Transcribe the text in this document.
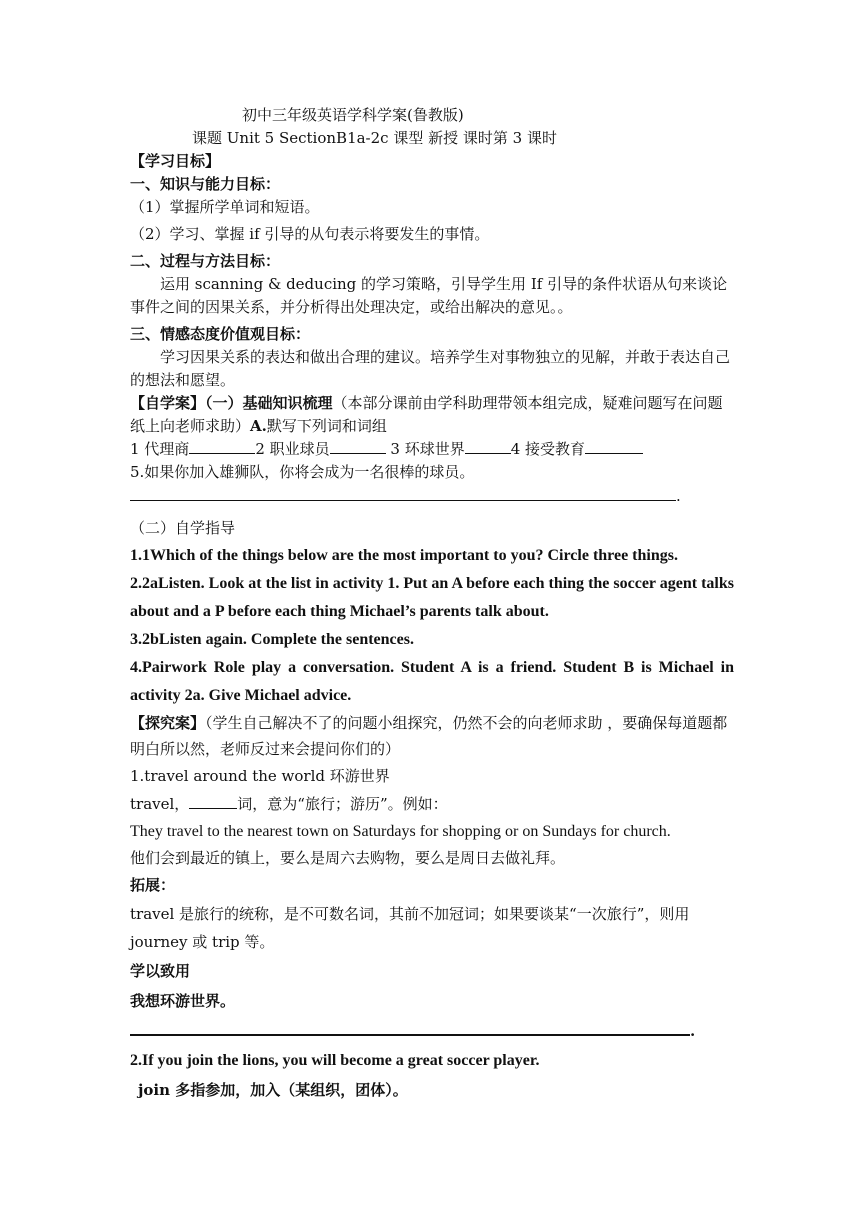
初中三年级英语学科学案(鲁教版)
课题 Unit 5 SectionB1a-2c 课型 新授 课时第 3 课时
【学习目标】
一、知识与能力目标：
（1）掌握所学单词和短语。
（2）学习、掌握 if 引导的从句表示将要发生的事情。
二、过程与方法目标：
运用 scanning & deducing 的学习策略，引导学生用 If 引导的条件状语从句来谈论事件之间的因果关系，并分析得出处理决定，或给出解决的意见。。
三、情感态度价值观目标：
学习因果关系的表达和做出合理的建议。培养学生对事物独立的见解，并敢于表达自己的想法和愿望。
【自学案】（一）基础知识梳理（本部分课前由学科助理带领本组完成，疑难问题写在问题纸上向老师求助）A.默写下列词和词组
1 代理商	2 职业球员	3 环球世界	4 接受教育
5.如果你加入雄狮队，你将会成为一名很棒的球员。
.
（二）自学指导
1.1Which of the things below are the most important to you? Circle three things.
2.2aListen. Look at the list in activity 1. Put an A before each thing the soccer agent talks about and a P before each thing Michael’s parents talk about.
3.2bListen again. Complete the sentences.
4.Pairwork Role play a conversation. Student A is a friend. Student B is Michael in activity 2a. Give Michael advice.
【探究案】（学生自己解决不了的问题小组探究，仍然不会的向老师求助 ，要确保每道题都明白所以然，老师反过来会提问你们的）
1.travel around the world 环游世界
travel，	词，意为“旅行；游历”。例如：
They travel to the nearest town on Saturdays for shopping or on Sundays for church.
他们会到最近的镇上，要么是周六去购物，要么是周日去做礼拜。
拓展：
travel 是旅行的统称，是不可数名词，其前不加冠词；如果要谈某“一次旅行”，则用 journey 或 trip 等。
学以致用
我想环游世界。
.
2.If you join the lions, you will become a great soccer player.
join 多指参加，加入（某组织，团体）。
